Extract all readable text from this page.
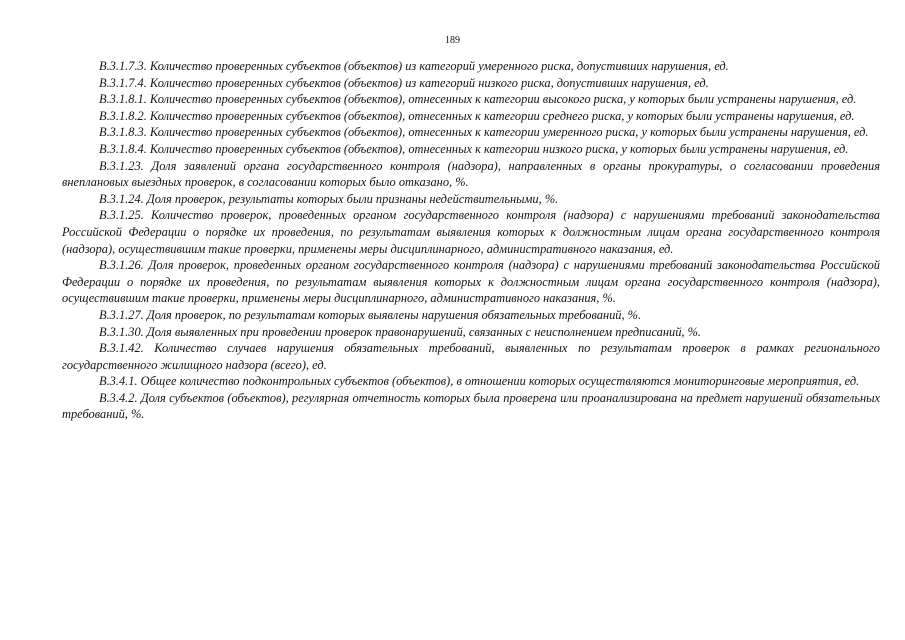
189

В.3.1.7.3. Количество проверенных субъектов (объектов) из категорий умеренного риска, допустивших нарушения, ед.

В.3.1.7.4. Количество проверенных субъектов (объектов) из категорий низкого риска, допустивших нарушения, ед.

В.3.1.8.1. Количество проверенных субъектов (объектов), отнесенных к категории высокого риска, у которых были устранены нарушения, ед.

В.3.1.8.2. Количество проверенных субъектов (объектов), отнесенных к категории среднего риска, у которых были устранены нарушения, ед.

В.3.1.8.3. Количество проверенных субъектов (объектов), отнесенных к категории умеренного риска, у которых были устранены нарушения, ед.

В.3.1.8.4. Количество проверенных субъектов (объектов), отнесенных к категории низкого риска, у которых были устранены нарушения, ед.

В.3.1.23. Доля заявлений органа государственного контроля (надзора), направленных в органы прокуратуры, о согласовании проведения внеплановых выездных проверок, в согласовании которых было отказано, %.

В.3.1.24. Доля проверок, результаты которых были признаны недействительными, %.

В.3.1.25. Количество проверок, проведенных органом государственного контроля (надзора) с нарушениями требований законодательства Российской Федерации о порядке их проведения, по результатам выявления которых к должностным лицам органа государственного контроля (надзора), осуществившим такие проверки, применены меры дисциплинарного, административного наказания, ед.

В.3.1.26. Доля проверок, проведенных органом государственного контроля (надзора) с нарушениями требований законодательства Российской Федерации о порядке их проведения, по результатам выявления которых к должностным лицам органа государственного контроля (надзора), осуществившим такие проверки, применены меры дисциплинарного, административного наказания, %.

В.3.1.27. Доля проверок, по результатам которых выявлены нарушения обязательных требований, %.

В.3.1.30. Доля выявленных при проведении проверок правонарушений, связанных с неисполнением предписаний, %.

В.3.1.42. Количество случаев нарушения обязательных требований, выявленных по результатам проверок в рамках регионального государственного жилищного надзора (всего), ед.

В.3.4.1. Общее количество подконтрольных субъектов (объектов), в отношении которых осуществляются мониторинговые мероприятия, ед.

В.3.4.2. Доля субъектов (объектов), регулярная отчетность которых была проверена или проанализирована на предмет нарушений обязательных требований, %.
